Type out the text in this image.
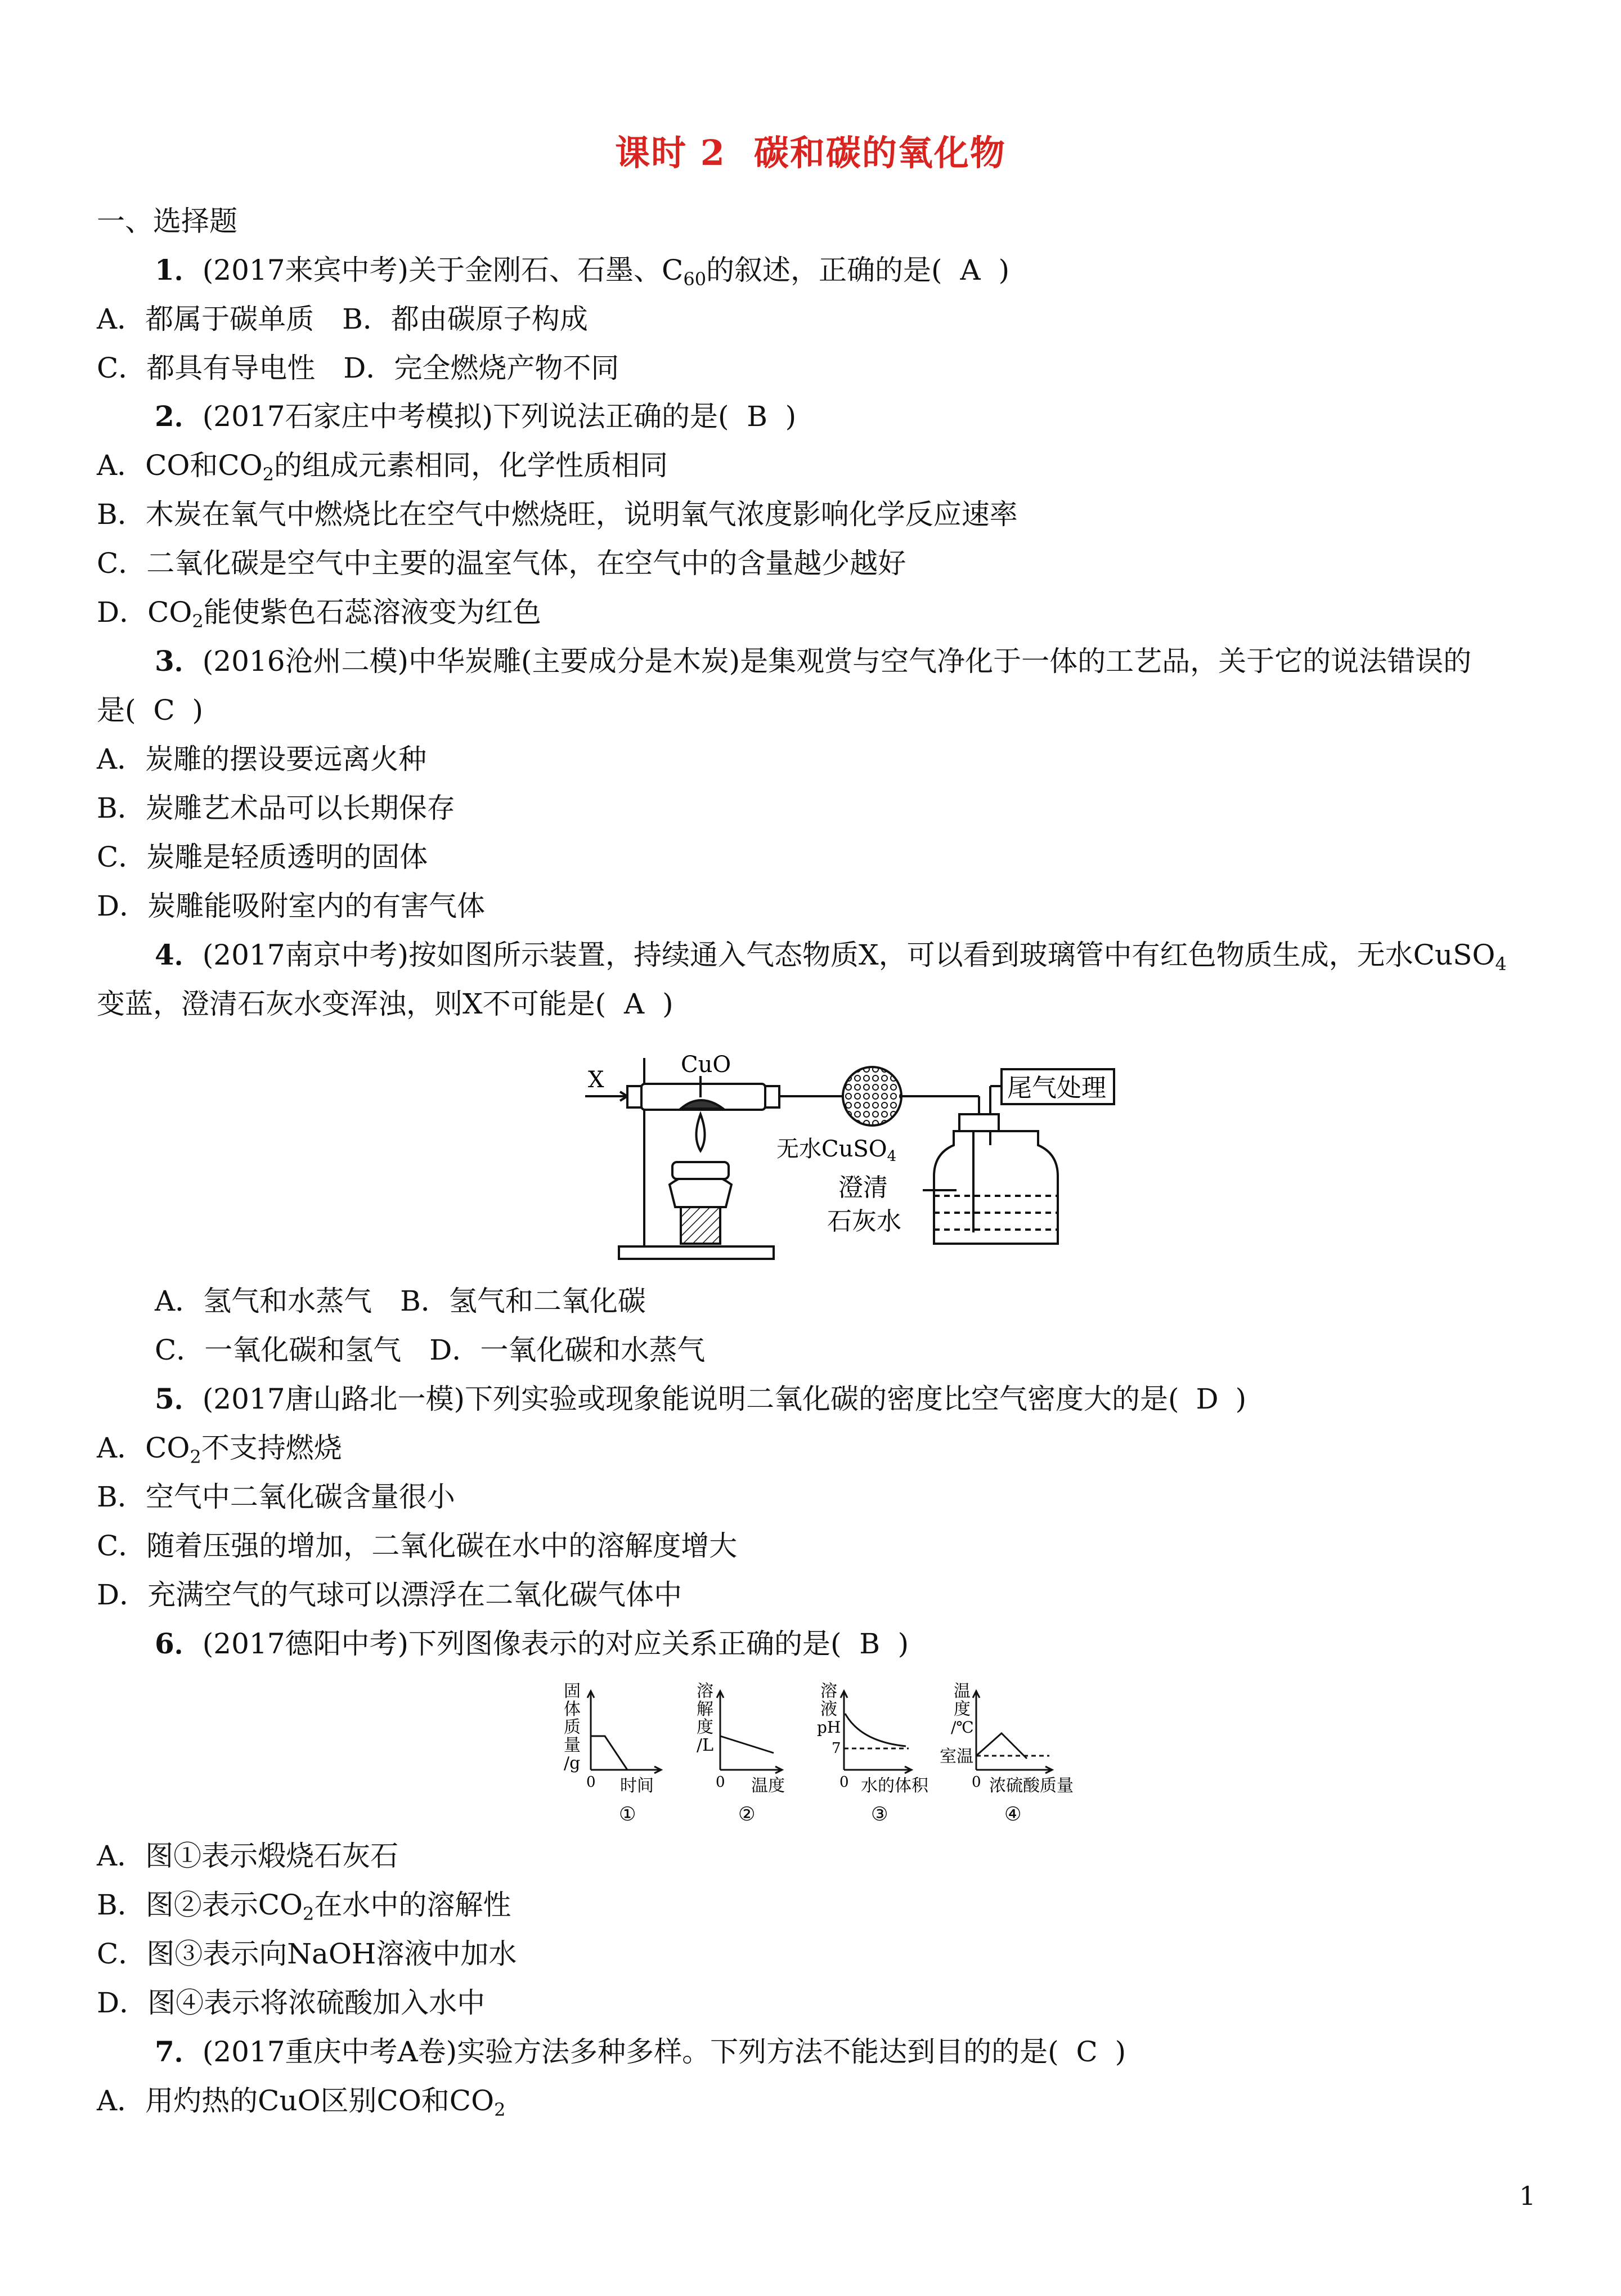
课时 2 碳和碳的氧化物
一、选择题
1．(2017来宾中考)关于金刚石、石墨、$C_{60}$的叙述，正确的是( A )
A．都属于碳单质　B．都由碳原子构成
C．都具有导电性　D．完全燃烧产物不同
2．(2017石家庄中考模拟)下列说法正确的是( B )
A．CO和$CO_2$的组成元素相同，化学性质相同
B．木炭在氧气中燃烧比在空气中燃烧旺，说明氧气浓度影响化学反应速率
C．二氧化碳是空气中主要的温室气体，在空气中的含量越少越好
D．$CO_2$能使紫色石蕊溶液变为红色
3．(2016沧州二模)中华炭雕(主要成分是木炭)是集观赏与空气净化于一体的工艺品，关于它的说法错误的
是( C )
A．炭雕的摆设要远离火种
B．炭雕艺术品可以长期保存
C．炭雕是轻质透明的固体
D．炭雕能吸附室内的有害气体
4．(2017南京中考)按如图所示装置，持续通入气态物质X，可以看到玻璃管中有红色物质生成，无水CuSO$_4$
变蓝，澄清石灰水变浑浊，则X不可能是( A )
X
CuO
尾气处理
无水CuSO$_4$
澄清
石灰水
A．氢气和水蒸气　B．氢气和二氧化碳
C．一氧化碳和氢气　D．一氧化碳和水蒸气
5．(2017唐山路北一模)下列实验或现象能说明二氧化碳的密度比空气密度大的是( D )
A．$CO_2$不支持燃烧
B．空气中二氧化碳含量很小
C．随着压强的增加，二氧化碳在水中的溶解度增大
D．充满空气的气球可以漂浮在二氧化碳气体中
6．(2017德阳中考)下列图像表示的对应关系正确的是( B )
固
体
质
量
/g
0 时间
①
溶
解
度
/L
0 温度
②
溶
液
pH
7
0 水的体积
③
温
度
/℃
室温
0 浓硫酸质量
④
A．图①表示煅烧石灰石
B．图②表示$CO_2$在水中的溶解性
C．图③表示向NaOH溶液中加水
D．图④表示将浓硫酸加入水中
7．(2017重庆中考A卷)实验方法多种多样。下列方法不能达到目的的是( C )
A．用灼热的CuO区别CO和$CO_2$
1
